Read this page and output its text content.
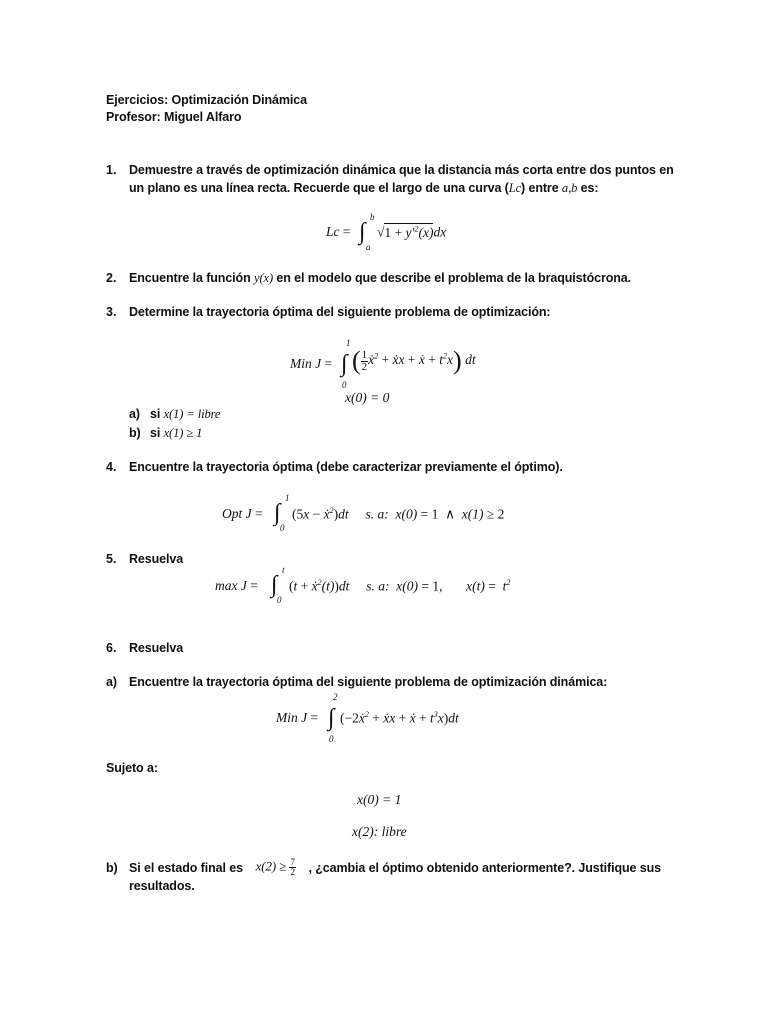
Ejercicios: Optimización Dinámica
Profesor: Miguel Alfaro
1. Demuestre a través de optimización dinámica que la distancia más corta entre dos puntos en
un plano es una línea recta. Recuerde que el largo de una curva (Lc) entre a,b es:
Lc = ∫
b
a
$√1 + y'^2(x)dx$
2. Encuentre la función y(x) en el modelo que describe el problema de la braquistócrona.
3. Determine la trayectoria óptima del siguiente problema de optimización:
Min J =
1
∫
0
( $\frac{1}{2}$ ẋ$^2$ + ẋx + ẋ + $t^2x$) dt
x(0) = 0
a) si x(1) = libre
b) si x(1) ≥ 1
4. Encuentre la trayectoria óptima (debe caracterizar previamente el óptimo).
Opt J = ∫
1
0
(5x − ẋ$^2$)dt     s. a:  x(0) = 1  ∧  x(1) ≥ 2
5. Resuelva
max J = ∫
t
0
(t + ẋ$^2$(t))dt     s. a:  x(0) = 1,       $x(t) = t^2$
6. Resuelva
a) Encuentre la trayectoria óptima del siguiente problema de optimización dinámica:
Min J =
2
∫
0
(−2ẋ$^2$ + ẋx + ẋ + $t^3x)dt$
Sujeto a:
x(0) = 1
x(2): libre
b) Si el estado final es $x(2) \ge \frac{7}{2}$ , ¿cambia el óptimo obtenido anteriormente?. Justifique sus
resultados.
